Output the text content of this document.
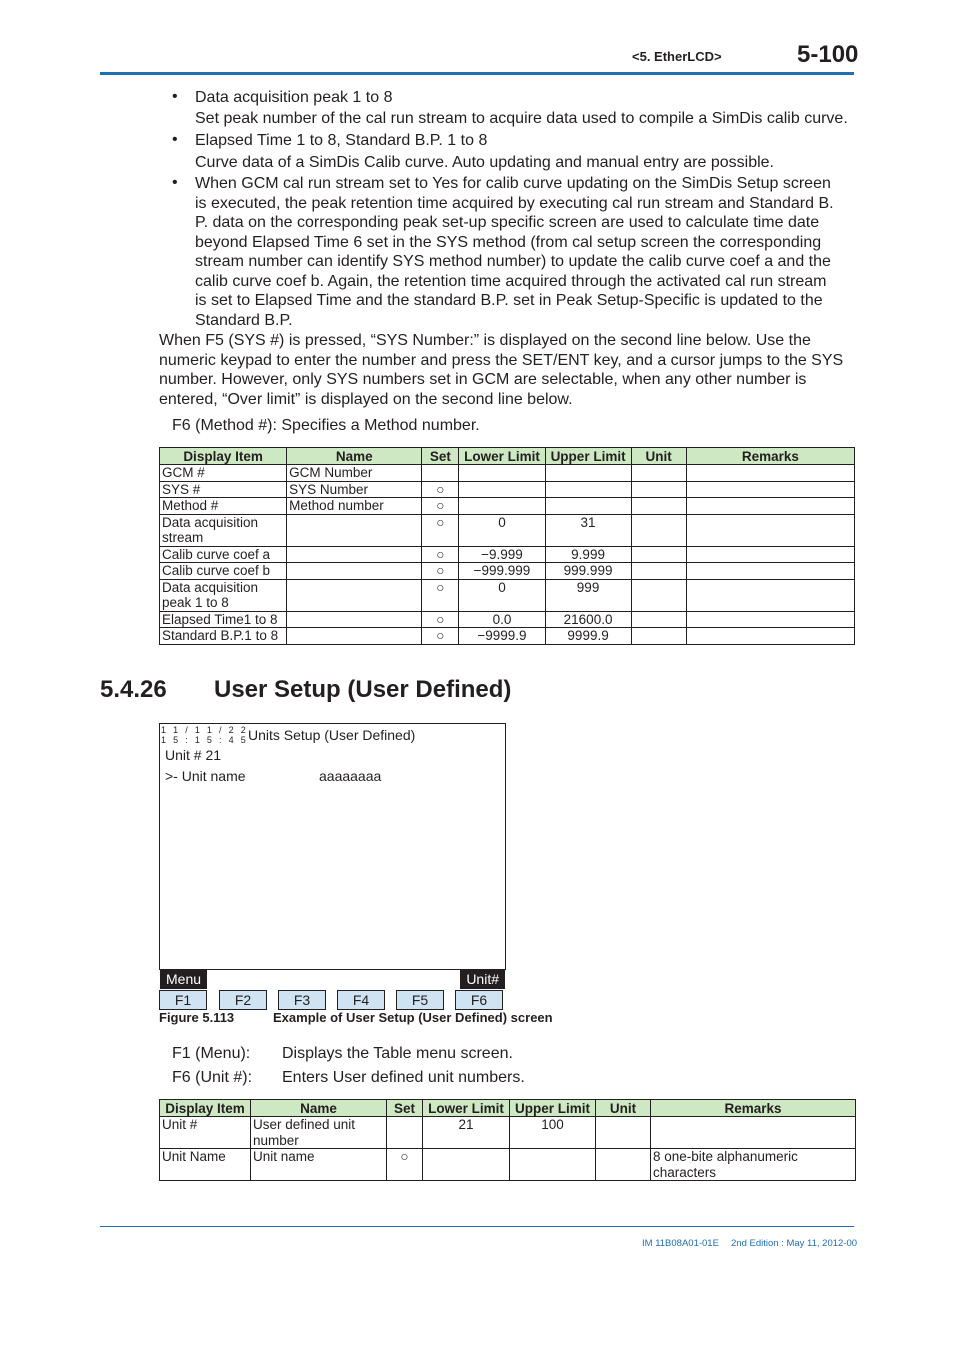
<5. EtherLCD>	5-100
• Data acquisition peak 1 to 8
Set peak number of the cal run stream to acquire data used to compile a SimDis calib curve.
• Elapsed Time 1 to 8, Standard B.P. 1 to 8
Curve data of a SimDis Calib curve. Auto updating and manual entry are possible.
• When GCM cal run stream set to Yes for calib curve updating on the SimDis Setup screen
is executed, the peak retention time acquired by executing cal run stream and Standard B.
P. data on the corresponding peak set-up specific screen are used to calculate time date
beyond Elapsed Time 6 set in the SYS method (from cal setup screen the corresponding
stream number can identify SYS method number) to update the calib curve coef a and the
calib curve coef b. Again, the retention time acquired through the activated cal run stream
is set to Elapsed Time and the standard B.P. set in Peak Setup-Specific is updated to the
Standard B.P.
When F5 (SYS #) is pressed, “SYS Number:” is displayed on the second line below. Use the
numeric keypad to enter the number and press the SET/ENT key, and a cursor jumps to the SYS
number. However, only SYS numbers set in GCM are selectable, when any other number is
entered, “Over limit” is displayed on the second line below.
F6 (Method #): Specifies a Method number.
Display Item	Name	Set	Lower Limit	Upper Limit	Unit	Remarks

GCM #	GCM Number					

SYS #	SYS Number	○				

Method #	Method number	○				

Data acquisition
stream		○	0	31		

Calib curve coef a		○	−9.999	9.999		

Calib curve coef b		○	−999.999	999.999		

Data acquisition
peak 1 to 8		○	0	999		

Elapsed Time1 to 8		○	0.0	21600.0		

Standard B.P.1 to 8		○	−9999.9	9999.9		

5.4.26 User Setup (User Defined)
1 1 / 1 1 / 2 2
1 5 : 1 5 : 4 5 Units Setup (User Defined)
Unit # 21
>- Unit name	aaaaaaaa
Menu	Unit#
F1	F2	F3	F4	F5	F6
Figure 5.113	Example of User Setup (User Defined) screen
F1 (Menu): Displays the Table menu screen.
F6 (Unit #): Enters User defined unit numbers.
Display Item	Name	Set	Lower Limit	Upper Limit	Unit	Remarks

Unit #	User defined unit
number		21	100		

Unit Name	Unit name	○				8 one-bite alphanumeric
characters
IM 11B08A01-01E 2nd Edition : May 11, 2012-00
